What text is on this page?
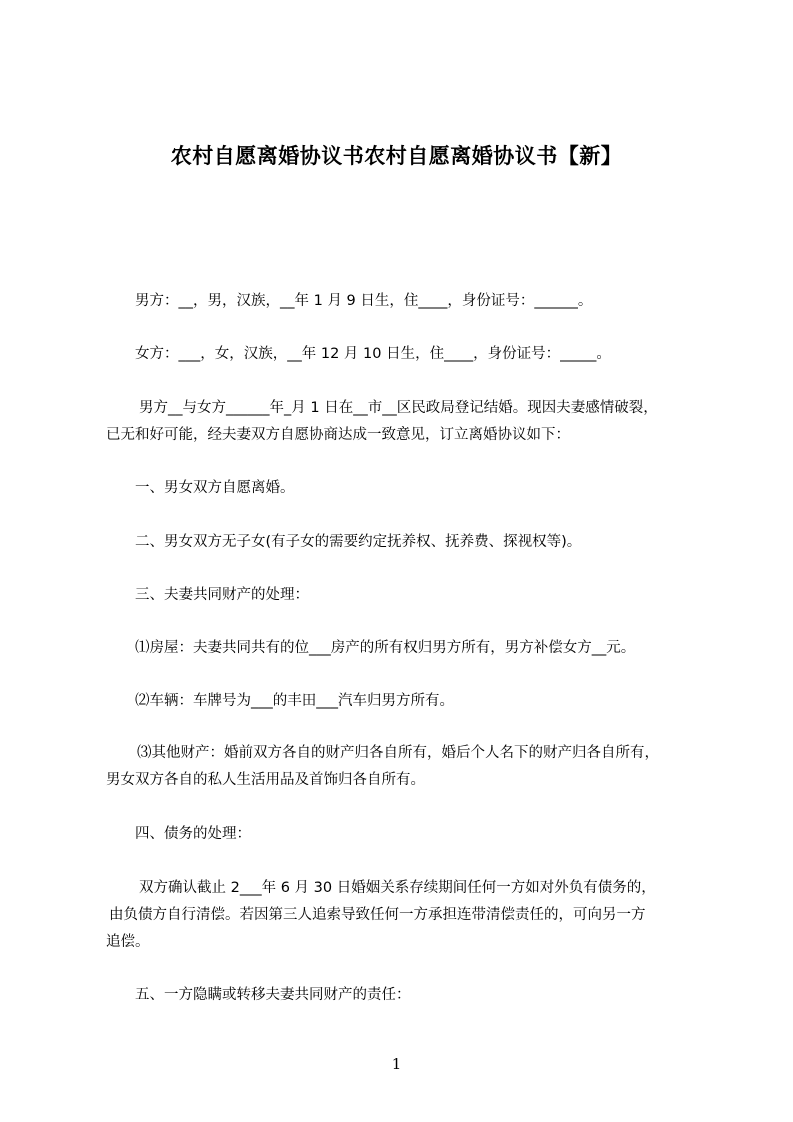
农村自愿离婚协议书农村自愿离婚协议书【新】
男方：__，男，汉族，__年 1 月 9 日生，住____，身份证号：______。
女方：___，女，汉族，__年 12 月 10 日生，住____，身份证号：_____。
男方__与女方______年_月 1 日在__市__区民政局登记结婚。现因夫妻感情破裂，
已无和好可能，经夫妻双方自愿协商达成一致意见，订立离婚协议如下：
一、男女双方自愿离婚。
二、男女双方无子女(有子女的需要约定抚养权、抚养费、探视权等)。
三、夫妻共同财产的处理：
⑴房屋：夫妻共同共有的位___房产的所有权归男方所有，男方补偿女方__元。
⑵车辆：车牌号为___的丰田___汽车归男方所有。
⑶其他财产：婚前双方各自的财产归各自所有，婚后个人名下的财产归各自所有，
男女双方各自的私人生活用品及首饰归各自所有。
四、债务的处理：
双方确认截止 2___年 6 月 30 日婚姻关系存续期间任何一方如对外负有债务的，
由负债方自行清偿。若因第三人追索导致任何一方承担连带清偿责任的，可向另一方
追偿。
五、一方隐瞒或转移夫妻共同财产的责任：
1
